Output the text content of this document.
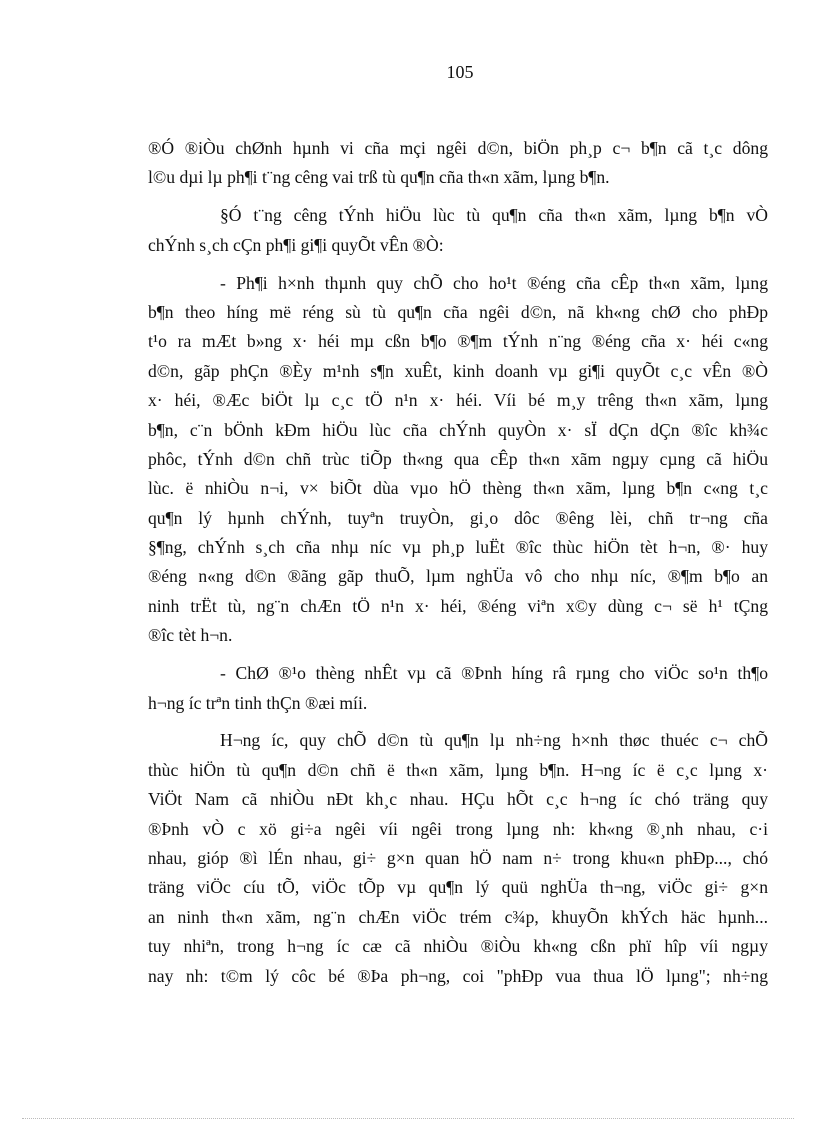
105
®Ó ®iÒu chØnh hµnh vi cña mçi ngêi d©n, biÖn ph¸p c¬ b¶n cã t¸c dông
l©u dµi lµ ph¶i t¨ng cêng vai trß tù qu¶n cña th«n xãm, lµng b¶n.
§Ó t¨ng cêng tÝnh hiÖu lùc tù qu¶n cña th«n xãm, lµng b¶n vÒ
chÝnh s¸ch cÇn ph¶i gi¶i quyÕt vÊn ®Ò:
- Ph¶i h×nh thµnh quy chÕ cho ho¹t ®éng cña cÊp th«n xãm, lµng
b¶n theo híng më réng sù tù qu¶n cña ngêi d©n, nã kh«ng chØ cho phÐp
t¹o ra mÆt b»ng x· héi mµ cßn b¶o ®¶m tÝnh n¨ng ®éng cña x· héi c«ng
d©n, gãp phÇn ®Èy m¹nh s¶n xuÊt, kinh doanh vµ gi¶i quyÕt c¸c vÊn ®Ò
x· héi, ®Æc biÖt lµ c¸c tÖ n¹n x· héi. Víi bé m¸y trêng th«n xãm, lµng
b¶n, c¨n bÖnh kÐm hiÖu lùc cña chÝnh quyÒn x· sÏ dÇn dÇn ®îc kh¾c
phôc, tÝnh d©n chñ trùc tiÕp th«ng qua cÊp th«n xãm ngµy cµng cã hiÖu
lùc. ë nhiÒu n¬i, v× biÕt dùa vµo hÖ thèng th«n xãm, lµng b¶n c«ng t¸c
qu¶n lý hµnh chÝnh, tuyªn truyÒn, gi¸o dôc ®êng lèi, chñ tr¬ng cña
§¶ng, chÝnh s¸ch cña nhµ níc vµ ph¸p luËt ®îc thùc hiÖn tèt h¬n, ®· huy
®éng n«ng d©n ®ãng gãp thuÕ, lµm nghÜa vô cho nhµ níc, ®¶m b¶o an
ninh trËt tù, ng¨n chÆn tÖ n¹n x· héi, ®éng viªn x©y dùng c¬ së h¹ tÇng
®îc tèt h¬n.
- ChØ ®¹o thèng nhÊt vµ cã ®Þnh híng râ rµng cho viÖc so¹n th¶o
h¬ng íc trªn tinh thÇn ®æi míi.
H¬ng íc, quy chÕ d©n tù qu¶n lµ nh÷ng h×nh thøc thuéc c¬ chÕ
thùc hiÖn tù qu¶n d©n chñ ë th«n xãm, lµng b¶n. H¬ng íc ë c¸c lµng x·
ViÖt Nam cã nhiÒu nÐt kh¸c nhau. HÇu hÕt c¸c h¬ng íc chó träng quy
®Þnh vÒ c xö gi÷a ngêi víi ngêi trong lµng nh: kh«ng ®¸nh nhau, c·i
nhau, gióp ®ì lÉn nhau, gi÷ g×n quan hÖ nam n÷ trong khu«n phÐp..., chó
träng viÖc cíu tÕ, viÖc tÕp vµ qu¶n lý quü nghÜa th¬ng, viÖc gi÷ g×n
an ninh th«n xãm, ng¨n chÆn viÖc trém c¾p, khuyÕn khÝch häc hµnh...
tuy nhiªn, trong h¬ng íc cæ cã nhiÒu ®iÒu kh«ng cßn phï hîp víi ngµy
nay nh: t©m lý côc bé ®Þa ph¬ng, coi "phÐp vua thua lÖ lµng"; nh÷ng
